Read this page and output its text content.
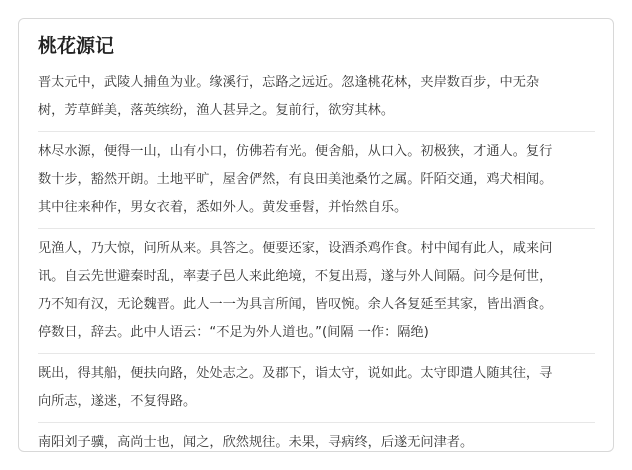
桃花源记
晋太元中，武陵人捕鱼为业。缘溪行，忘路之远近。忽逢桃花林，夹岸数百步，中无杂
树，芳草鲜美，落英缤纷，渔人甚异之。复前行，欲穷其林。
林尽水源，便得一山，山有小口，仿佛若有光。便舍船，从口入。初极狭，才通人。复行
数十步，豁然开朗。土地平旷，屋舍俨然，有良田美池桑竹之属。阡陌交通，鸡犬相闻。
其中往来种作，男女衣着，悉如外人。黄发垂髫，并怡然自乐。
见渔人，乃大惊，问所从来。具答之。便要还家，设酒杀鸡作食。村中闻有此人，咸来问
讯。自云先世避秦时乱，率妻子邑人来此绝境，不复出焉，遂与外人间隔。问今是何世，
乃不知有汉，无论魏晋。此人一一为具言所闻，皆叹惋。余人各复延至其家，皆出酒食。
停数日，辞去。此中人语云：“不足为外人道也。”(间隔 一作：隔绝)
既出，得其船，便扶向路，处处志之。及郡下，诣太守，说如此。太守即遣人随其往，寻
向所志，遂迷，不复得路。
南阳刘子骥，高尚士也，闻之，欣然规往。未果，寻病终，后遂无问津者。
